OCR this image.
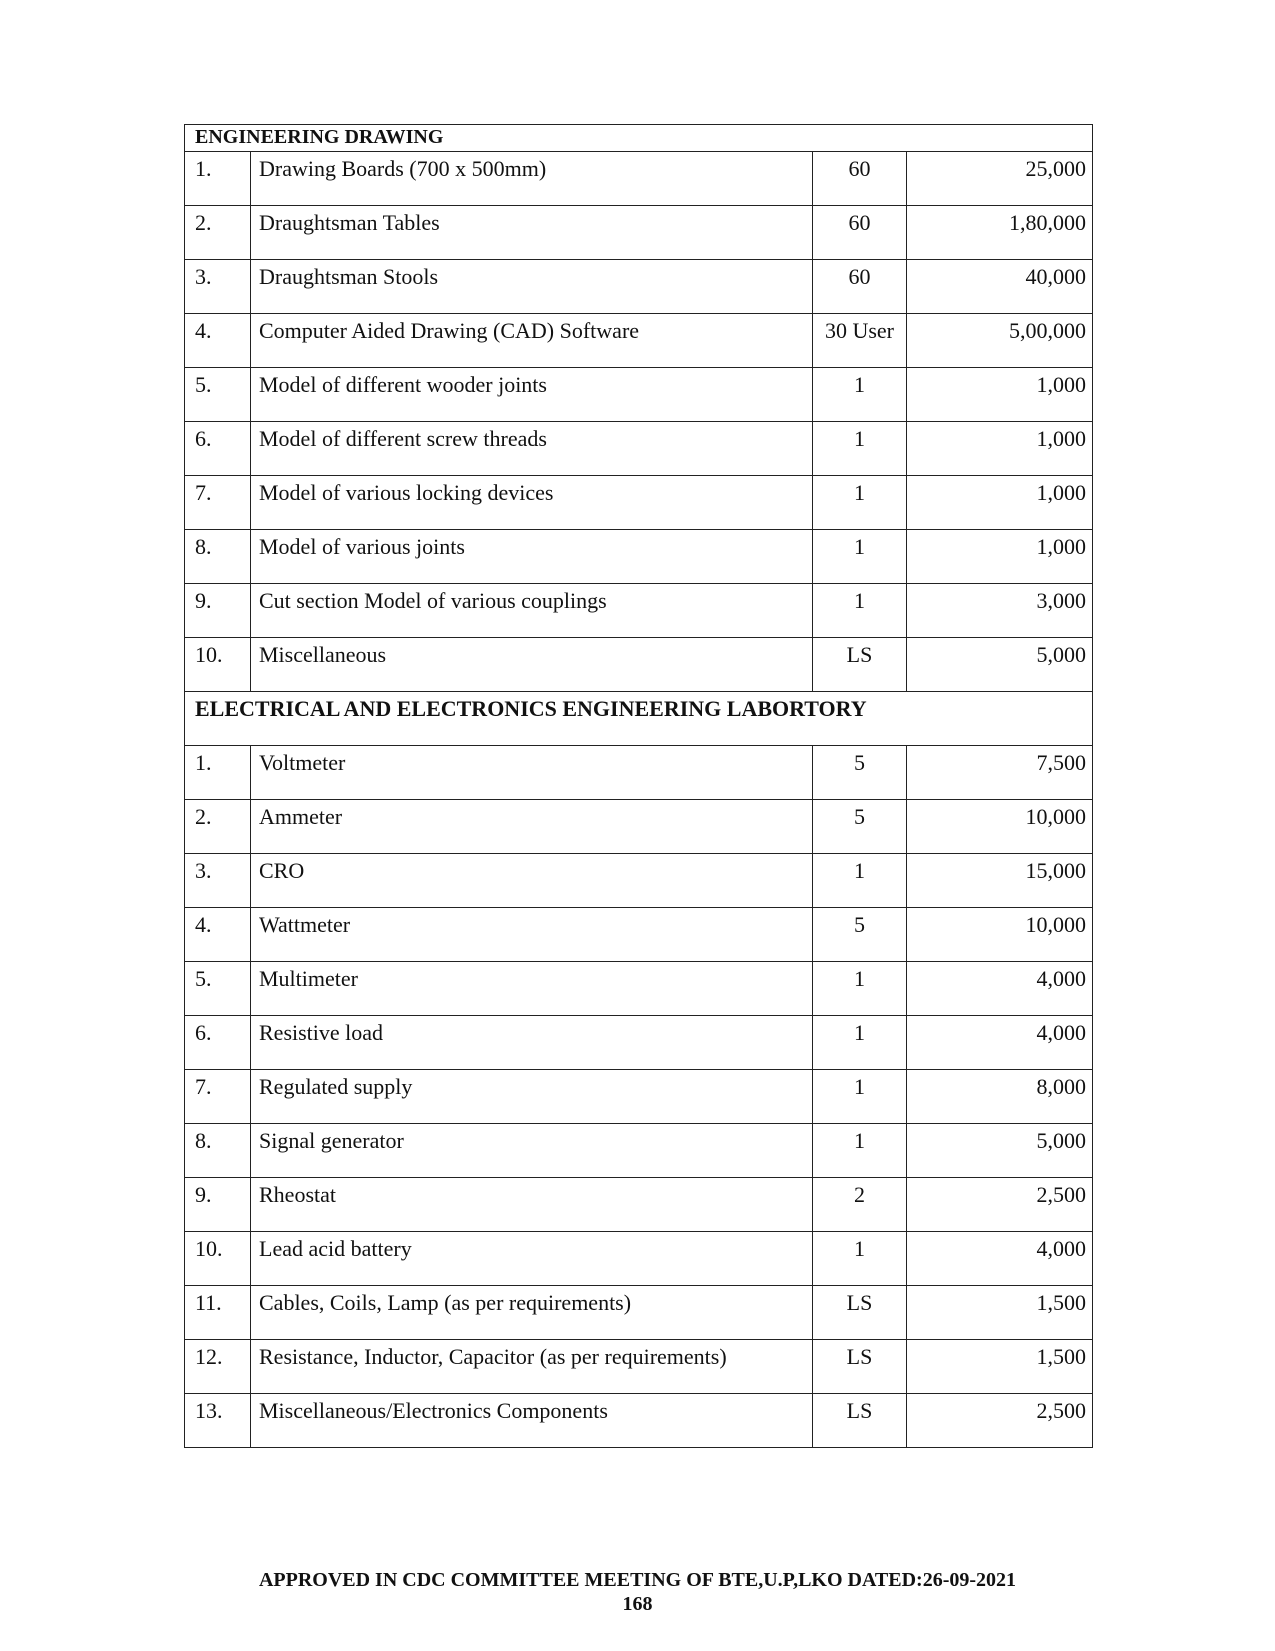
ENGINEERING DRAWING			

1.	Drawing Boards (700 x 500mm)	60	25,000

2.	Draughtsman Tables	60	1,80,000

3.	Draughtsman Stools	60	40,000

4.	Computer Aided Drawing (CAD) Software	30 User	5,00,000

5.	Model of different wooder joints	1	1,000

6.	Model of different screw threads	1	1,000

7.	Model of various locking devices	1	1,000

8.	Model of various joints	1	1,000

9.	Cut section Model of various couplings	1	3,000

10.	Miscellaneous	LS	5,000

ELECTRICAL AND ELECTRONICS ENGINEERING LABORTORY			

1.	Voltmeter	5	7,500

2.	Ammeter	5	10,000

3.	CRO	1	15,000

4.	Wattmeter	5	10,000

5.	Multimeter	1	4,000

6.	Resistive load	1	4,000

7.	Regulated supply	1	8,000

8.	Signal generator	1	5,000

9.	Rheostat	2	2,500

10.	Lead acid battery	1	4,000

11.	Cables, Coils, Lamp (as per requirements)	LS	1,500

12.	Resistance, Inductor, Capacitor (as per requirements)	LS	1,500

13.	Miscellaneous/Electronics Components	LS	2,500
APPROVED IN CDC COMMITTEE MEETING OF BTE,U.P,LKO DATED:26-09-2021
168
